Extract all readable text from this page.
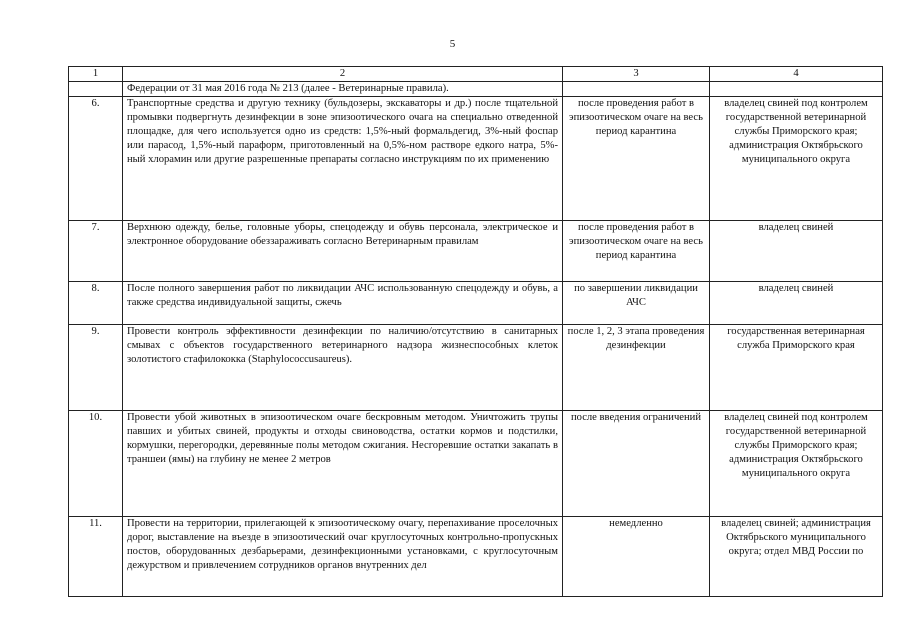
5
1	2	3	4
	Федерации от 31 мая 2016 года № 213 (далее - Ветеринарные правила).		
6.	Транспортные средства и другую технику (бульдозеры, экскаваторы и др.) после тщательной промывки подвергнуть дезинфекции в зоне эпизоотического очага на специально отведенной площадке, для чего используется одно из средств: 1,5%-ный формальдегид, 3%-ный фоспар или парасод, 1,5%-ный параформ, приготовленный на 0,5%-ном растворе едкого натра, 5%-ный хлорамин или другие разрешенные препараты согласно инструкциям по их применению	после проведения работ в эпизоотическом очаге на весь период карантина	владелец свиней под контролем государственной ветеринарной службы Приморского края; администрация Октябрьского муниципального округа
7.	Верхнюю одежду, белье, головные уборы, спецодежду и обувь персонала, электрическое и электронное оборудование обеззараживать согласно Ветеринарным правилам	после проведения работ в эпизоотическом очаге на весь период карантина	владелец свиней
8.	После полного завершения работ по ликвидации АЧС использованную спецодежду и обувь, а также средства индивидуальной защиты, сжечь	по завершении ликвидации АЧС	владелец свиней
9.	Провести контроль эффективности дезинфекции по наличию/отсутствию в санитарных смывах с объектов государственного ветеринарного надзора жизнеспособных клеток золотистого стафилококка (Staphylococcusaureus).	после 1, 2, 3 этапа проведения дезинфекции	государственная ветеринарная служба Приморского края
10.	Провести убой животных в эпизоотическом очаге бескровным методом. Уничтожить трупы павших и убитых свиней, продукты и отходы свиноводства, остатки кормов и подстилки, кормушки, перегородки, деревянные полы методом сжигания. Несгоревшие остатки закапать в траншеи (ямы) на глубину не менее 2 метров	после введения ограничений	владелец свиней под контролем государственной ветеринарной службы Приморского края; администрация Октябрьского муниципального округа
11.	Провести на территории, прилегающей к эпизоотическому очагу, перепахивание проселочных дорог, выставление на въезде в эпизоотический очаг круглосуточных контрольно-пропускных постов, оборудованных дезбарьерами, дезинфекционными установками, с круглосуточным дежурством и привлечением сотрудников органов внутренних дел	немедленно	владелец свиней; администрация Октябрьского муниципального округа; отдел МВД России по
